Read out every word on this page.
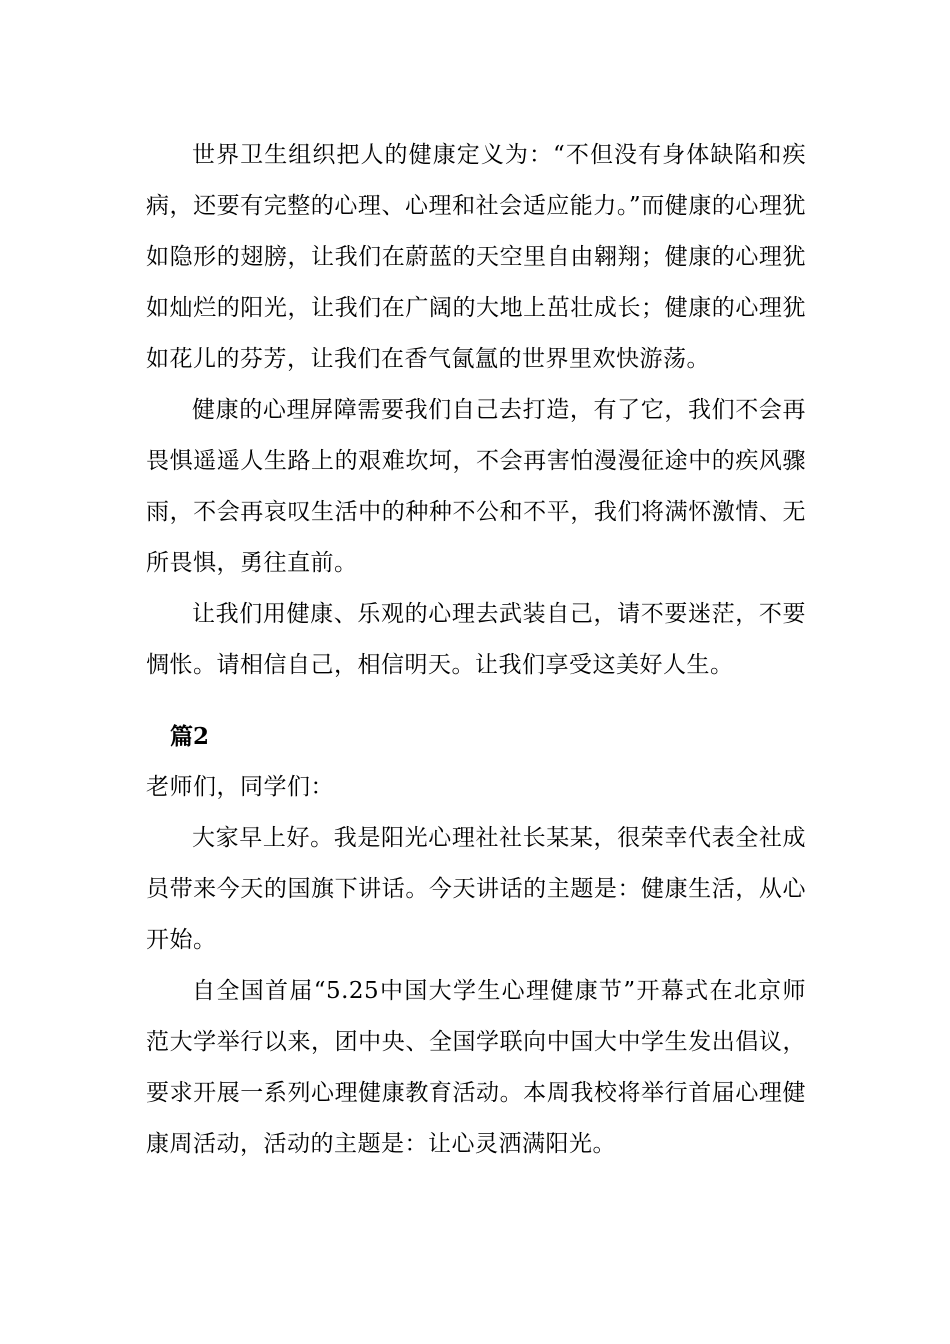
世界卫生组织把人的健康定义为：“不但没有身体缺陷和疾病，还要有完整的心理、心理和社会适应能力。”而健康的心理犹如隐形的翅膀，让我们在蔚蓝的天空里自由翱翔；健康的心理犹如灿烂的阳光，让我们在广阔的大地上茁壮成长；健康的心理犹如花儿的芬芳，让我们在香气氤氲的世界里欢快游荡。

健康的心理屏障需要我们自己去打造，有了它，我们不会再畏惧遥遥人生路上的艰难坎坷，不会再害怕漫漫征途中的疾风骤雨，不会再哀叹生活中的种种不公和不平，我们将满怀激情、无所畏惧，勇往直前。

让我们用健康、乐观的心理去武装自己，请不要迷茫，不要惆怅。请相信自己，相信明天。让我们享受这美好人生。

篇2

老师们，同学们：

大家早上好。我是阳光心理社社长某某，很荣幸代表全社成员带来今天的国旗下讲话。今天讲话的主题是：健康生活，从心开始。

自全国首届“5.25中国大学生心理健康节”开幕式在北京师范大学举行以来，团中央、全国学联向中国大中学生发出倡议，要求开展一系列心理健康教育活动。本周我校将举行首届心理健康周活动，活动的主题是：让心灵洒满阳光。
